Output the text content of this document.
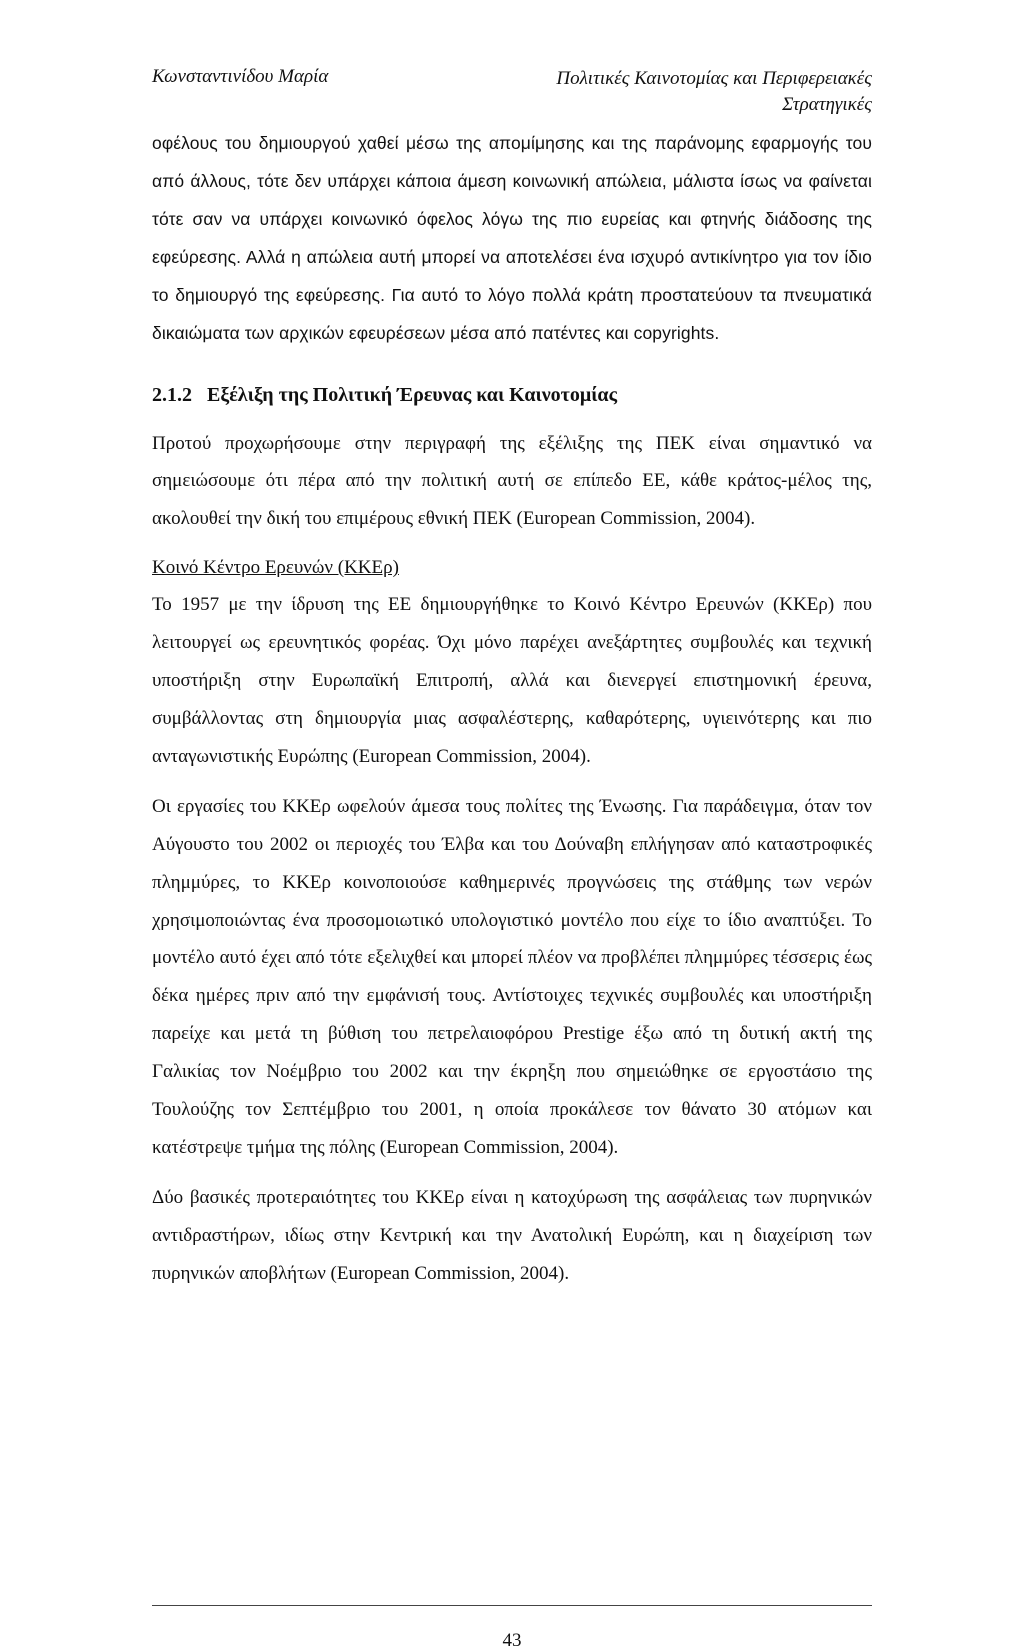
Κωνσταντινίδου Μαρία	Πολιτικές Καινοτομίας και Περιφερειακές Στρατηγικές

οφέλους του δημιουργού χαθεί μέσω της απομίμησης και της παράνομης εφαρμογής του από άλλους, τότε δεν υπάρχει κάποια άμεση κοινωνική απώλεια, μάλιστα ίσως να φαίνεται τότε σαν να υπάρχει κοινωνικό όφελος λόγω της πιο ευρείας και φτηνής διάδοσης της εφεύρεσης. Αλλά η απώλεια αυτή μπορεί να αποτελέσει ένα ισχυρό αντικίνητρο για τον ίδιο το δημιουργό της εφεύρεσης. Για αυτό το λόγο πολλά κράτη προστατεύουν τα πνευματικά δικαιώματα των αρχικών εφευρέσεων μέσα από πατέντες και copyrights.

2.1.2 Εξέλιξη της Πολιτική Έρευνας και Καινοτομίας

Προτού προχωρήσουμε στην περιγραφή της εξέλιξης της ΠΕΚ είναι σημαντικό να σημειώσουμε ότι πέρα από την πολιτική αυτή σε επίπεδο ΕΕ, κάθε κράτος-μέλος της, ακολουθεί την δική του επιμέρους εθνική ΠΕΚ (European Commission, 2004).

Κοινό Κέντρο Ερευνών (ΚΚΕρ)

Το 1957 με την ίδρυση της ΕΕ δημιουργήθηκε το Κοινό Κέντρο Ερευνών (ΚΚΕρ) που λειτουργεί ως ερευνητικός φορέας. Όχι μόνο παρέχει ανεξάρτητες συμβουλές και τεχνική υποστήριξη στην Ευρωπαϊκή Επιτροπή, αλλά και διενεργεί επιστημονική έρευνα, συμβάλλοντας στη δημιουργία μιας ασφαλέστερης, καθαρότερης, υγιεινότερης και πιο ανταγωνιστικής Ευρώπης (European Commission, 2004).

Οι εργασίες του ΚΚΕρ ωφελούν άμεσα τους πολίτες της Ένωσης. Για παράδειγμα, όταν τον Αύγουστο του 2002 οι περιοχές του Έλβα και του Δούναβη επλήγησαν από καταστροφικές πλημμύρες, το ΚΚΕρ κοινοποιούσε καθημερινές προγνώσεις της στάθμης των νερών χρησιμοποιώντας ένα προσομοιωτικό υπολογιστικό μοντέλο που είχε το ίδιο αναπτύξει. Το μοντέλο αυτό έχει από τότε εξελιχθεί και μπορεί πλέον να προβλέπει πλημμύρες τέσσερις έως δέκα ημέρες πριν από την εμφάνισή τους. Αντίστοιχες τεχνικές συμβουλές και υποστήριξη παρείχε και μετά τη βύθιση του πετρελαιοφόρου Prestige έξω από τη δυτική ακτή της Γαλικίας τον Νοέμβριο του 2002 και την έκρηξη που σημειώθηκε σε εργοστάσιο της Τουλούζης τον Σεπτέμβριο του 2001, η οποία προκάλεσε τον θάνατο 30 ατόμων και κατέστρεψε τμήμα της πόλης (European Commission, 2004).

Δύο βασικές προτεραιότητες του ΚΚΕρ είναι η κατοχύρωση της ασφάλειας των πυρηνικών αντιδραστήρων, ιδίως στην Κεντρική και την Ανατολική Ευρώπη, και η διαχείριση των πυρηνικών αποβλήτων (European Commission, 2004).

43
